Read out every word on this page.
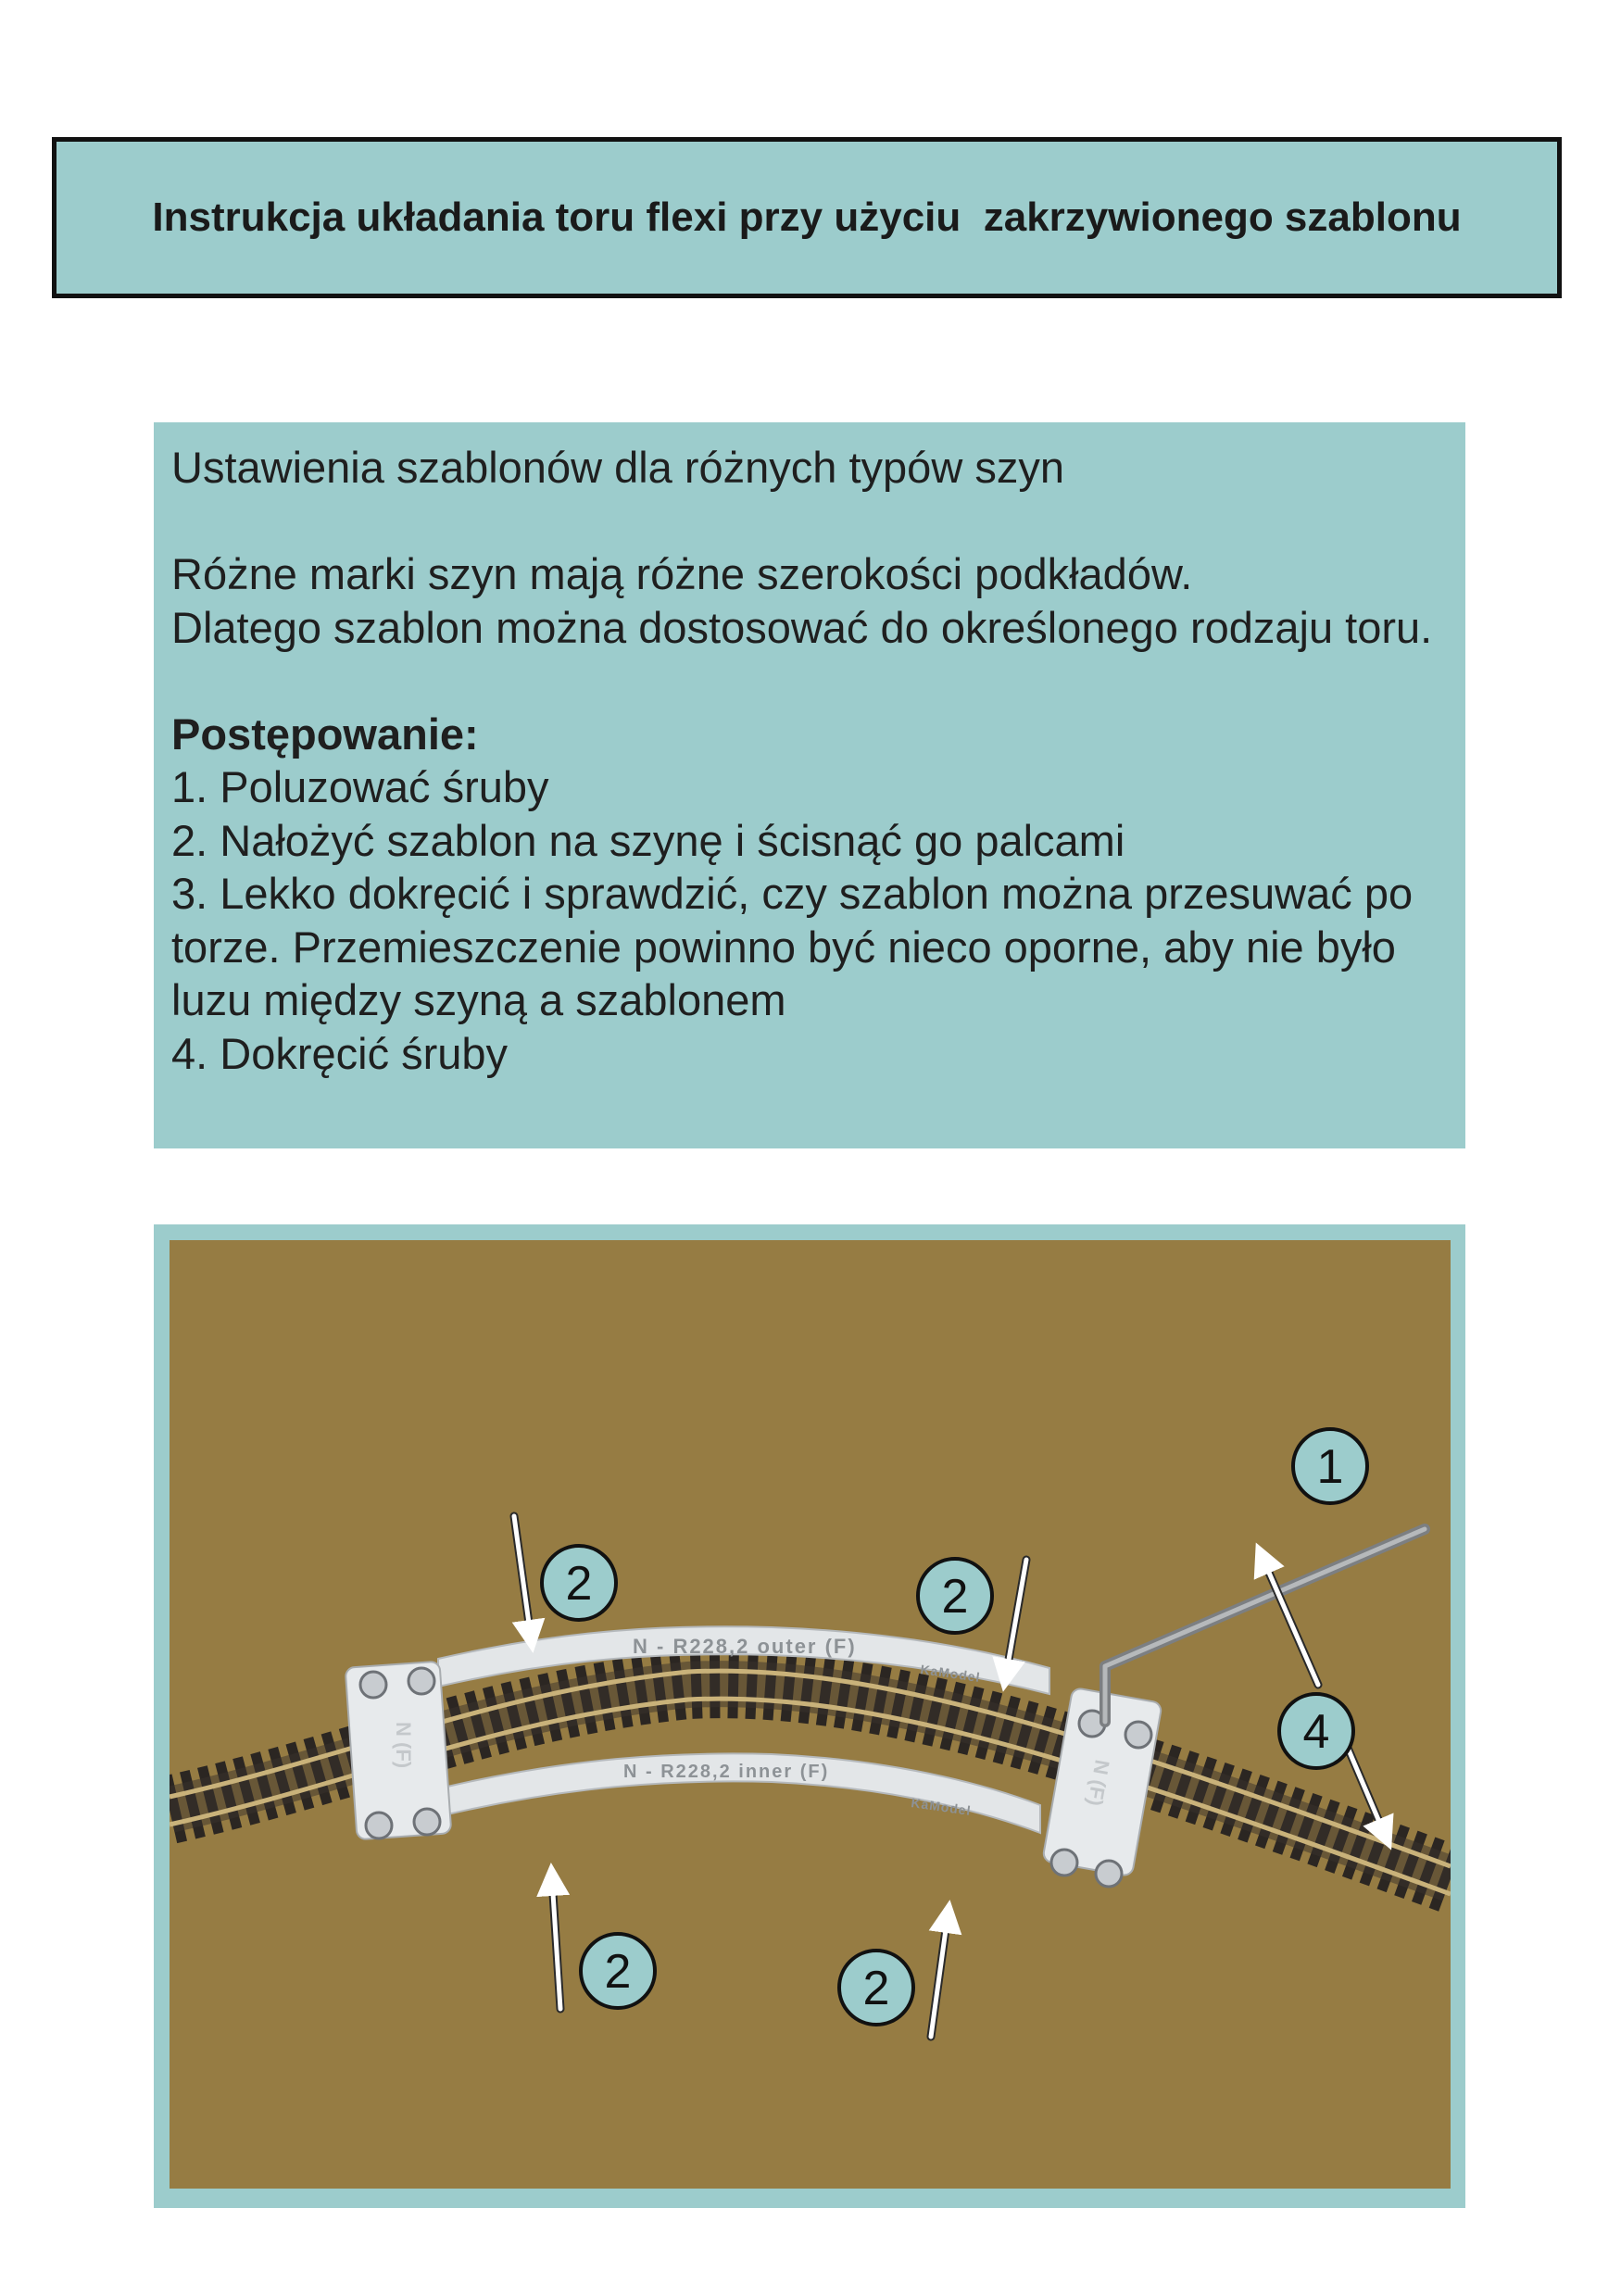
Instrukcja układania toru flexi przy użyciu  zakrzywionego szablonu

Ustawienia szablonów dla różnych typów szyn

Różne marki szyn mają różne szerokości podkładów.

Dlatego szablon można dostosować do określonego rodzaju toru.

Postępowanie:

1. Poluzować śruby

2. Nałożyć szablon na szynę i ścisnąć go palcami

3. Lekko dokręcić i sprawdzić, czy szablon można przesuwać po torze. Przemieszczenie powinno być nieco oporne, aby nie było luzu między szyną a szablonem

4. Dokręcić śruby

N - R228,2 outer (F)
N - R228,2 inner (F)
KaModel
KaModel
N (F)
N (F)
1
2	2
2	2
4
